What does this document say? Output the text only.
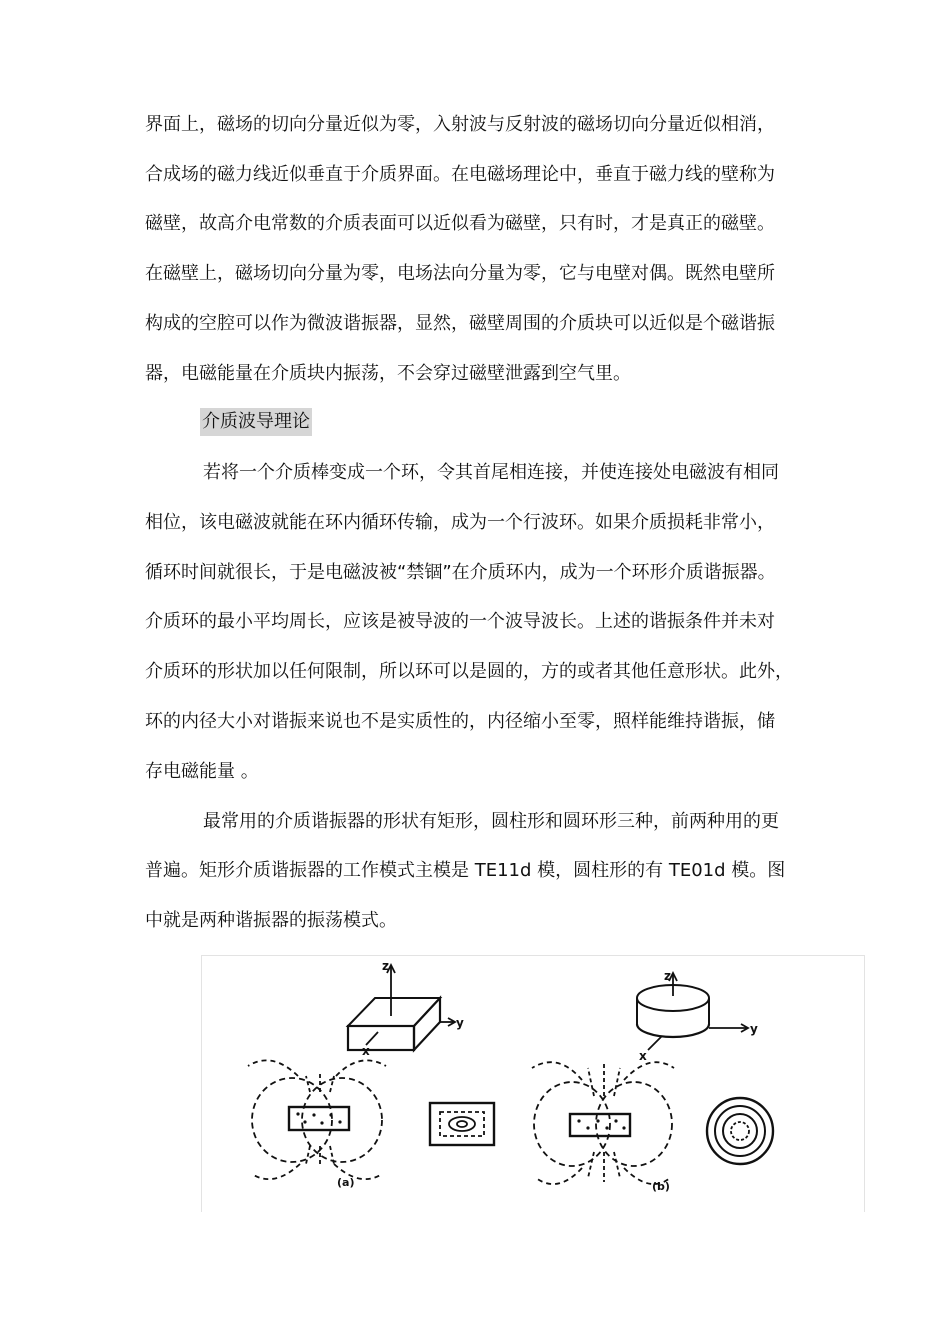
界面上，磁场的切向分量近似为零，入射波与反射波的磁场切向分量近似相消，
合成场的磁力线近似垂直于介质界面。在电磁场理论中，垂直于磁力线的壁称为
磁壁，故高介电常数的介质表面可以近似看为磁壁，只有时，才是真正的磁壁。
在磁壁上，磁场切向分量为零，电场法向分量为零，它与电壁对偶。既然电壁所
构成的空腔可以作为微波谐振器，显然，磁壁周围的介质块可以近似是个磁谐振
器，电磁能量在介质块内振荡，不会穿过磁壁泄露到空气里。
介质波导理论
若将一个介质棒变成一个环，令其首尾相连接，并使连接处电磁波有相同
相位，该电磁波就能在环内循环传输，成为一个行波环。如果介质损耗非常小，
循环时间就很长，于是电磁波被“禁锢”在介质环内，成为一个环形介质谐振器。
介质环的最小平均周长，应该是被导波的一个波导波长。上述的谐振条件并未对
介质环的形状加以任何限制，所以环可以是圆的，方的或者其他任意形状。此外，
环的内径大小对谐振来说也不是实质性的，内径缩小至零，照样能维持谐振，储
存电磁能量 。
最常用的介质谐振器的形状有矩形，圆柱形和圆环形三种，前两种用的更
普遍。矩形介质谐振器的工作模式主模是 TE11d 模，圆柱形的有 TE01d 模。图
中就是两种谐振器的振荡模式。
z
y
x
z
y
x
(a)	(b)
